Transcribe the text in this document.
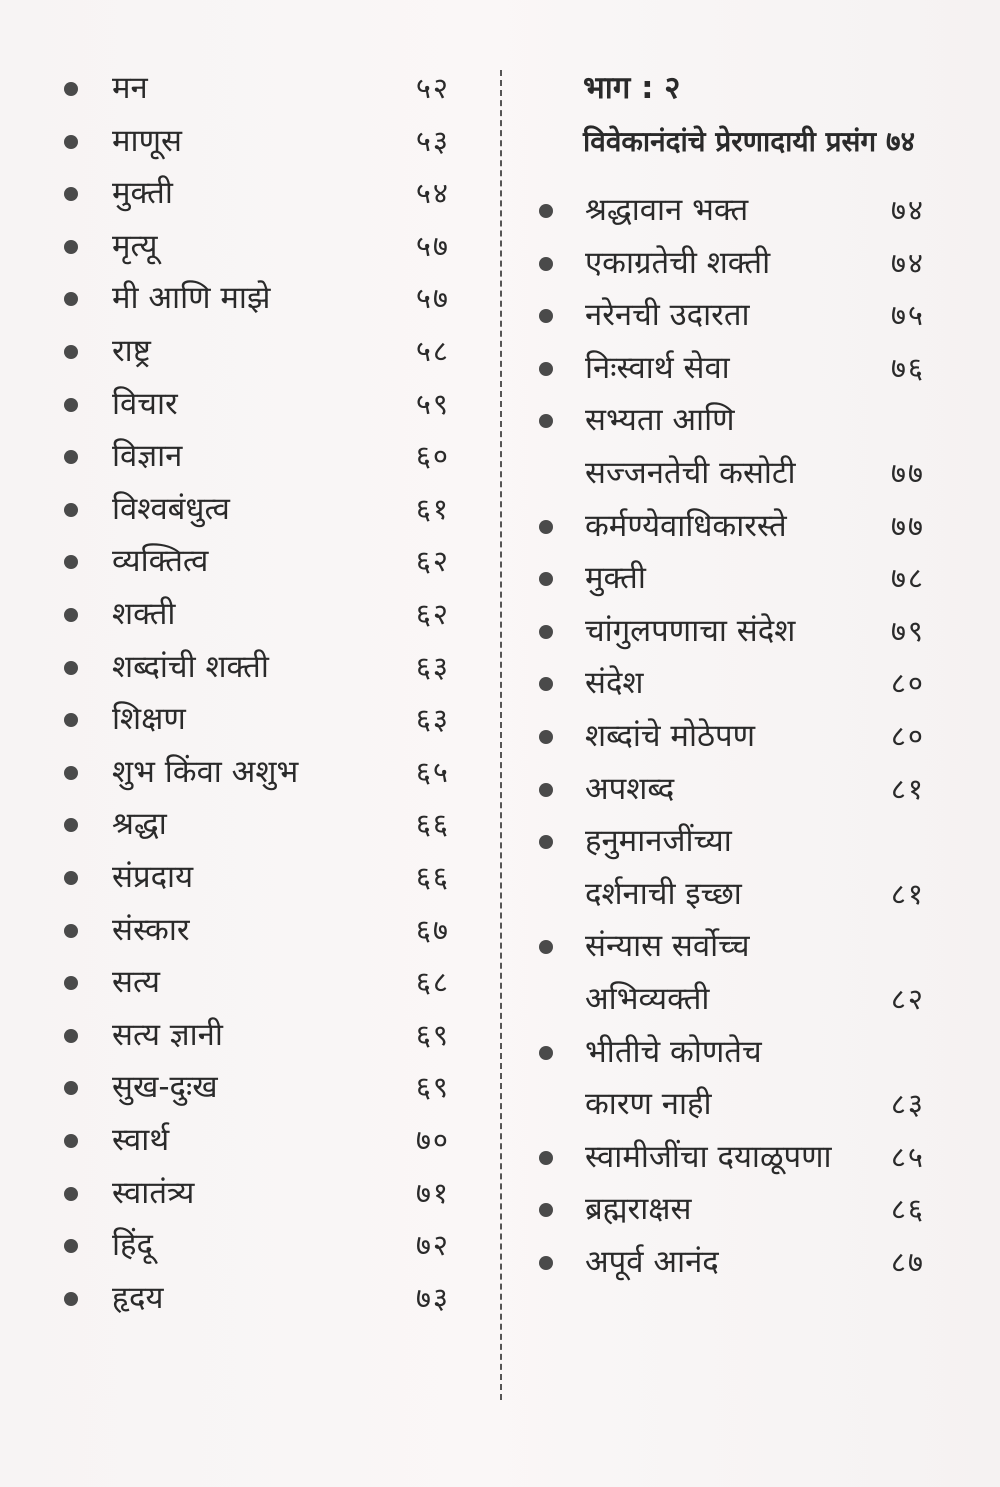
मन	५२
माणूस	५३
मुक्ती	५४
मृत्यू	५७
मी आणि माझे	५७
राष्ट्र	५८
विचार	५९
विज्ञान	६०
विश्वबंधुत्व	६१
व्यक्तित्व	६२
शक्ती	६२
शब्दांची शक्ती	६३
शिक्षण	६३
शुभ किंवा अशुभ	६५
श्रद्धा	६६
संप्रदाय	६६
संस्कार	६७
सत्य	६८
सत्य ज्ञानी	६९
सुख-दुःख	६९
स्वार्थ	७०
स्वातंत्र्य	७१
हिंदू	७२
हृदय	७३
भाग : २
विवेकानंदांचे प्रेरणादायी प्रसंग ७४
श्रद्धावान भक्त	७४
एकाग्रतेची शक्ती	७४
नरेनची उदारता	७५
निःस्वार्थ सेवा	७६
सभ्यता आणि
सज्जनतेची कसोटी	७७
कर्मण्येवाधिकारस्ते	७७
मुक्ती	७८
चांगुलपणाचा संदेश	७९
संदेश	८०
शब्दांचे मोठेपण	८०
अपशब्द	८१
हनुमानजींच्या
दर्शनाची इच्छा	८१
संन्यास सर्वोच्च
अभिव्यक्ती	८२
भीतीचे कोणतेच
कारण नाही	८३
स्वामीजींचा दयाळूपणा ८५
ब्रह्मराक्षस	८६
अपूर्व आनंद	८७
